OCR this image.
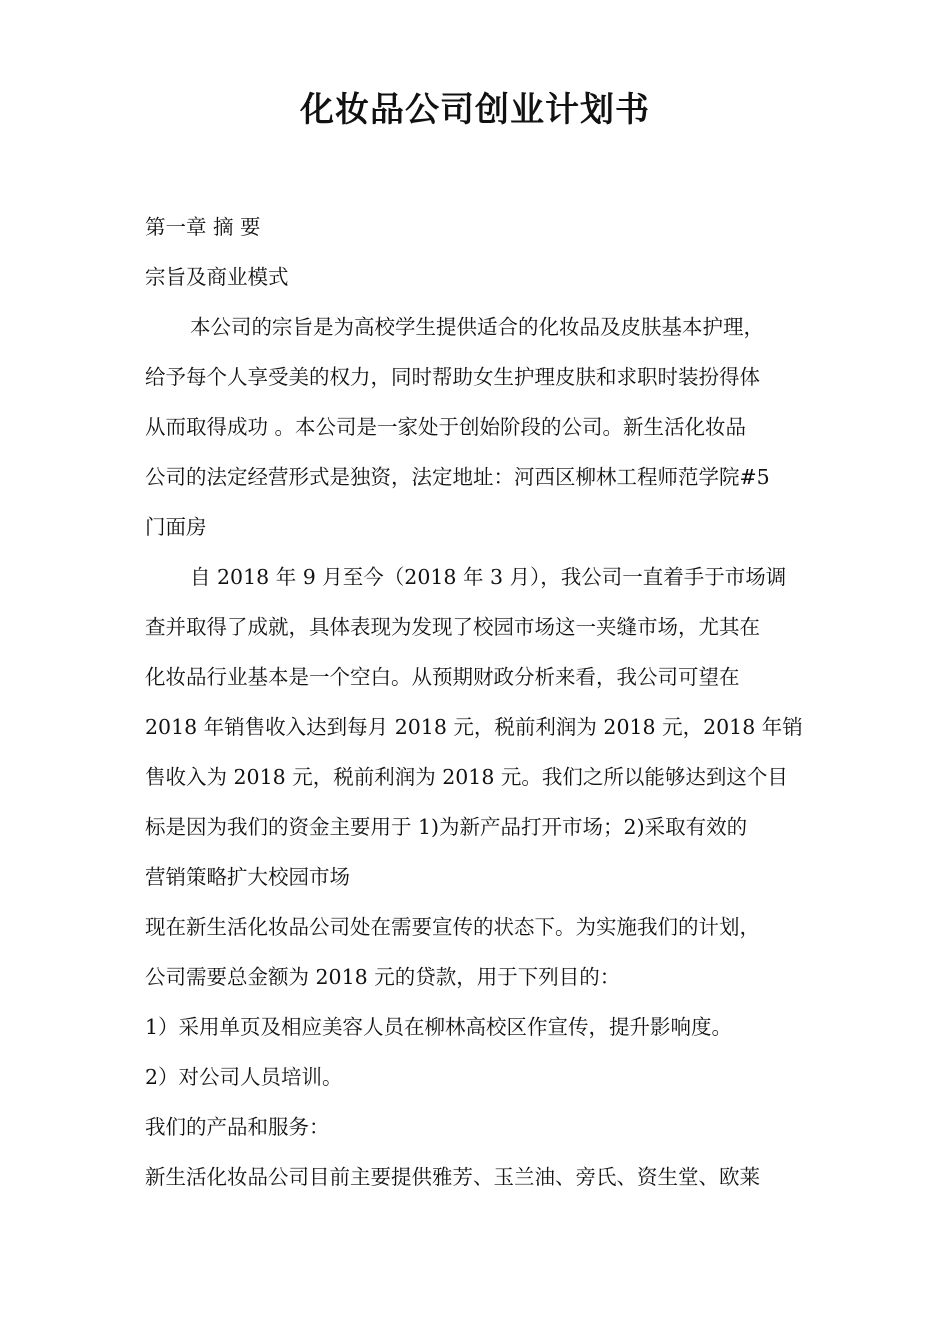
化妆品公司创业计划书
第一章 摘 要
宗旨及商业模式
本公司的宗旨是为高校学生提供适合的化妆品及皮肤基本护理，
给予每个人享受美的权力，同时帮助女生护理皮肤和求职时装扮得体
从而取得成功 。本公司是一家处于创始阶段的公司。新生活化妆品
公司的法定经营形式是独资，法定地址：河西区柳林工程师范学院#5
门面房
自 2018 年 9 月至今（2018 年 3 月），我公司一直着手于市场调
查并取得了成就，具体表现为发现了校园市场这一夹缝市场，尤其在
化妆品行业基本是一个空白。从预期财政分析来看，我公司可望在
2018 年销售收入达到每月 2018 元，税前利润为 2018 元，2018 年销
售收入为 2018 元，税前利润为 2018 元。我们之所以能够达到这个目
标是因为我们的资金主要用于 1)为新产品打开市场；2)采取有效的
营销策略扩大校园市场
现在新生活化妆品公司处在需要宣传的状态下。为实施我们的计划，
公司需要总金额为 2018 元的贷款，用于下列目的：
1）采用单页及相应美容人员在柳林高校区作宣传，提升影响度。
2）对公司人员培训。
我们的产品和服务：
新生活化妆品公司目前主要提供雅芳、玉兰油、旁氏、资生堂、欧莱
